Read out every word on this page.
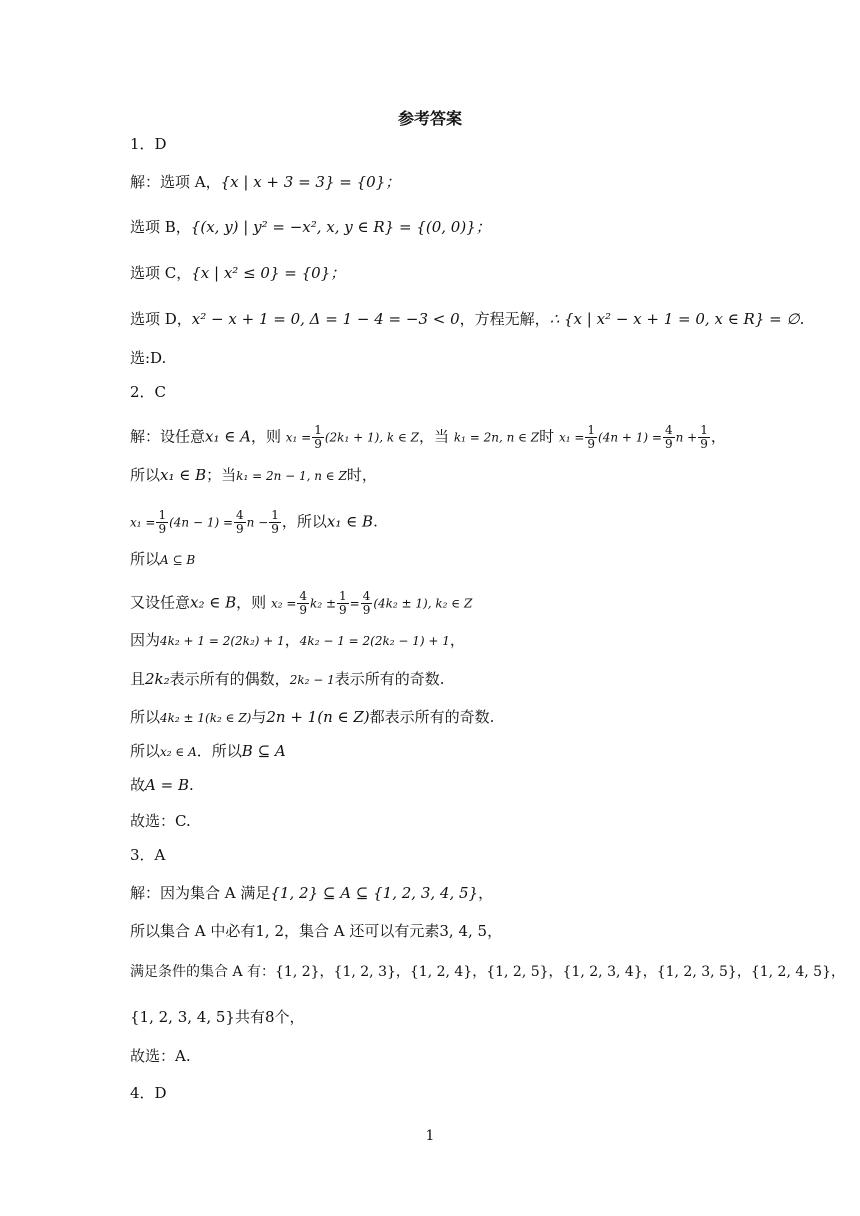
参考答案
1．D
解：选项 A，{x | x + 3 = 3} = {0}；
选项 B，{(x, y) | y² = −x², x, y ∈ R} = {(0, 0)}；
选项 C，{x | x² ≤ 0} = {0}；
选项 D，x² − x + 1 = 0, Δ = 1 − 4 = −3 < 0，方程无解，∴ {x | x² − x + 1 = 0, x ∈ R} = ∅.
选:D.
2．C
解：设任意x₁ ∈ A，则 $x_1 = \frac{1}{9} (2k_1 + 1)$, k ∈ Z，当 k₁ = 2n, n ∈ Z时 $x_1 = \frac{1}{9} (4n + 1) = \frac{4}{9}$ $n + \frac{1}{9}$ ，
所以x₁ ∈ B；当k₁ = 2n − 1, n ∈ Z时，
$x_1 = \frac{1}{9} (4n - 1) = \frac{4}{9}$ $n - \frac{1}{9}$ ，所以x₁ ∈ B.
所以A ⊆ B
又设任意x₂ ∈ B，则 $x_2 = \frac{4}{9} k_2 \pm \frac{1}{9} = \frac{4}{9} (4k_2 \pm 1)$, k₂ ∈ Z
因为4k₂ + 1 = 2(2k₂) + 1，4k₂ − 1 = 2(2k₂ − 1) + 1，
且2k₂表示所有的偶数，2k₂ − 1表示所有的奇数.
所以4k₂ ± 1(k₂ ∈ Z)与2n + 1(n ∈ Z)都表示所有的奇数.
所以x₂ ∈ A．所以B ⊆ A
故A = B.
故选：C.
3．A
解：因为集合 A 满足{1, 2} ⊆ A ⊆ {1, 2, 3, 4, 5}，
所以集合 A 中必有1, 2，集合 A 还可以有元素3, 4, 5，
满足条件的集合 A 有：{1, 2}，{1, 2, 3}，{1, 2, 4}，{1, 2, 5}，{1, 2, 3, 4}，{1, 2, 3, 5}，{1, 2, 4, 5}，
{1, 2, 3, 4, 5}共有8个，
故选：A.
4．D
1
